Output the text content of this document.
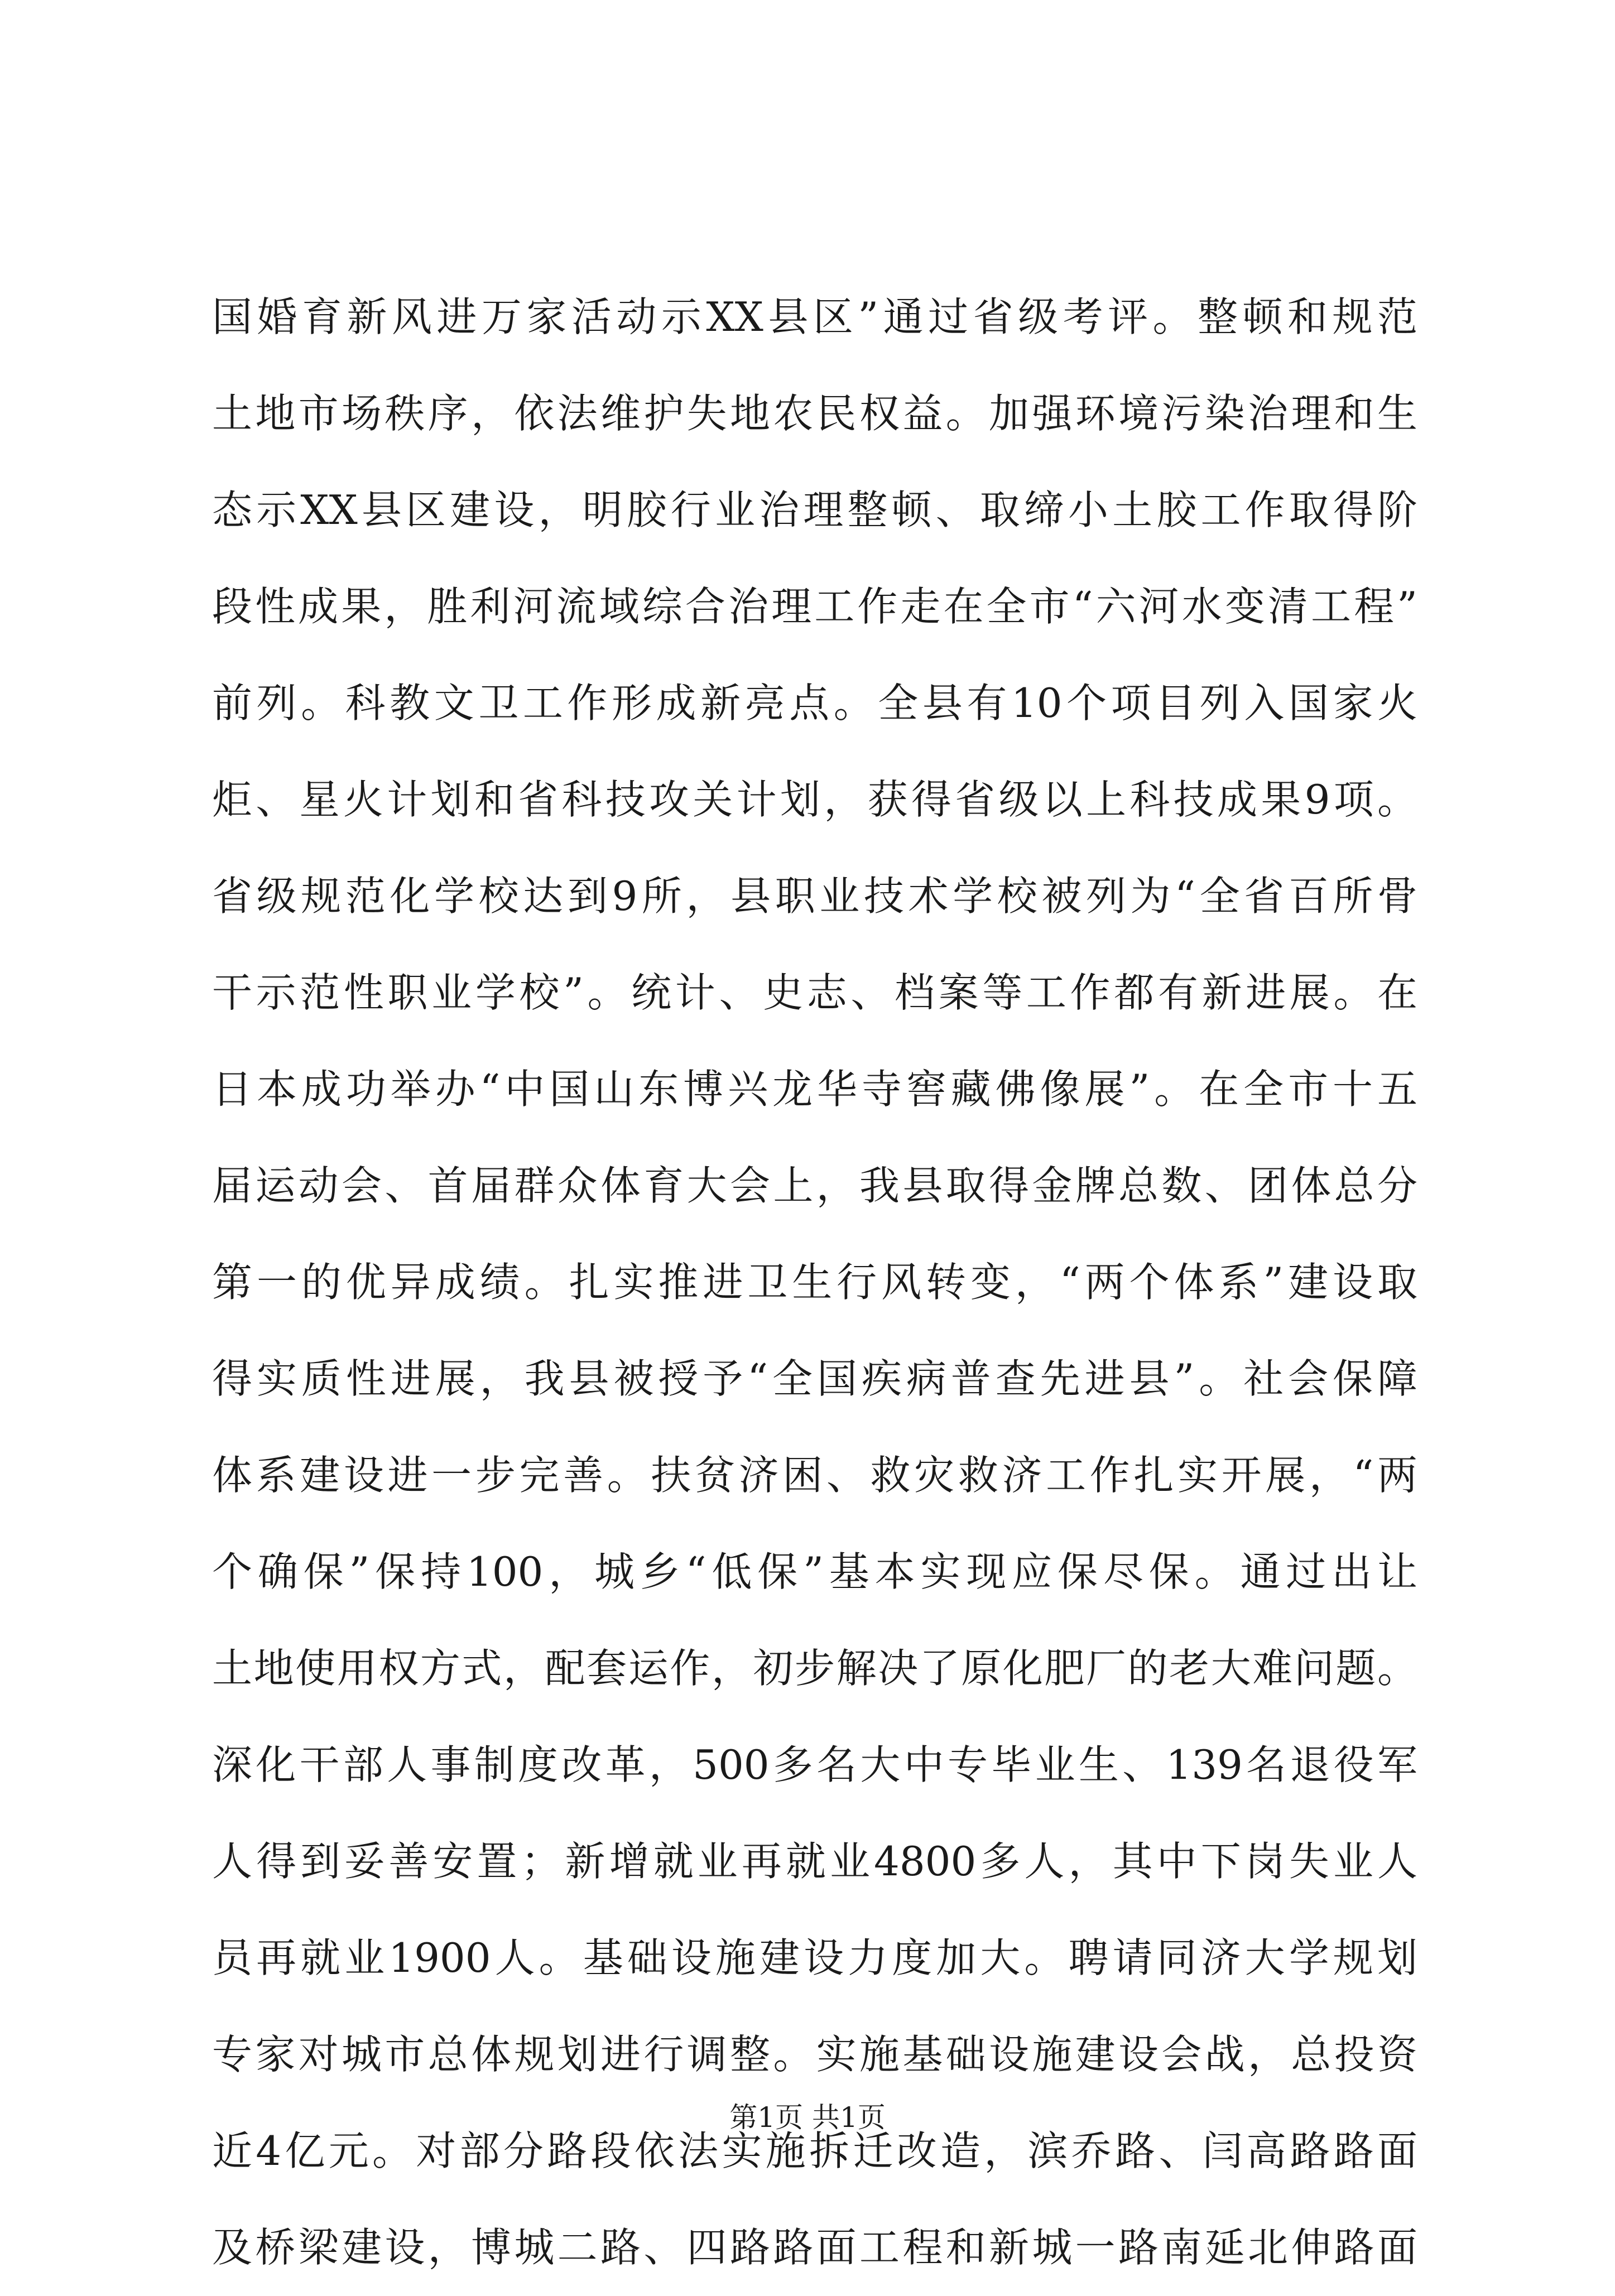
国婚育新风进万家活动示XX县区”通过省级考评。整顿和规范
土地市场秩序，依法维护失地农民权益。加强环境污染治理和生
态示XX县区建设，明胶行业治理整顿、取缔小土胶工作取得阶
段性成果，胜利河流域综合治理工作走在全市“六河水变清工程”
前列。科教文卫工作形成新亮点。全县有10个项目列入国家火
炬、星火计划和省科技攻关计划，获得省级以上科技成果9项。
省级规范化学校达到9所，县职业技术学校被列为“全省百所骨
干示范性职业学校”。统计、史志、档案等工作都有新进展。在
日本成功举办“中国山东博兴龙华寺窖藏佛像展”。在全市十五
届运动会、首届群众体育大会上，我县取得金牌总数、团体总分
第一的优异成绩。扎实推进卫生行风转变，“两个体系”建设取
得实质性进展，我县被授予“全国疾病普查先进县”。社会保障
体系建设进一步完善。扶贫济困、救灾救济工作扎实开展，“两
个确保”保持100，城乡“低保”基本实现应保尽保。通过出让
土地使用权方式，配套运作，初步解决了原化肥厂的老大难问题。
深化干部人事制度改革，500多名大中专毕业生、139名退役军
人得到妥善安置；新增就业再就业4800多人，其中下岗失业人
员再就业1900人。基础设施建设力度加大。聘请同济大学规划
专家对城市总体规划进行调整。实施基础设施建设会战，总投资
近4亿元。对部分路段依法实施拆迁改造，滨乔路、闫高路路面
及桥梁建设，博城二路、四路路面工程和新城一路南延北伸路面
第1页 共1页
